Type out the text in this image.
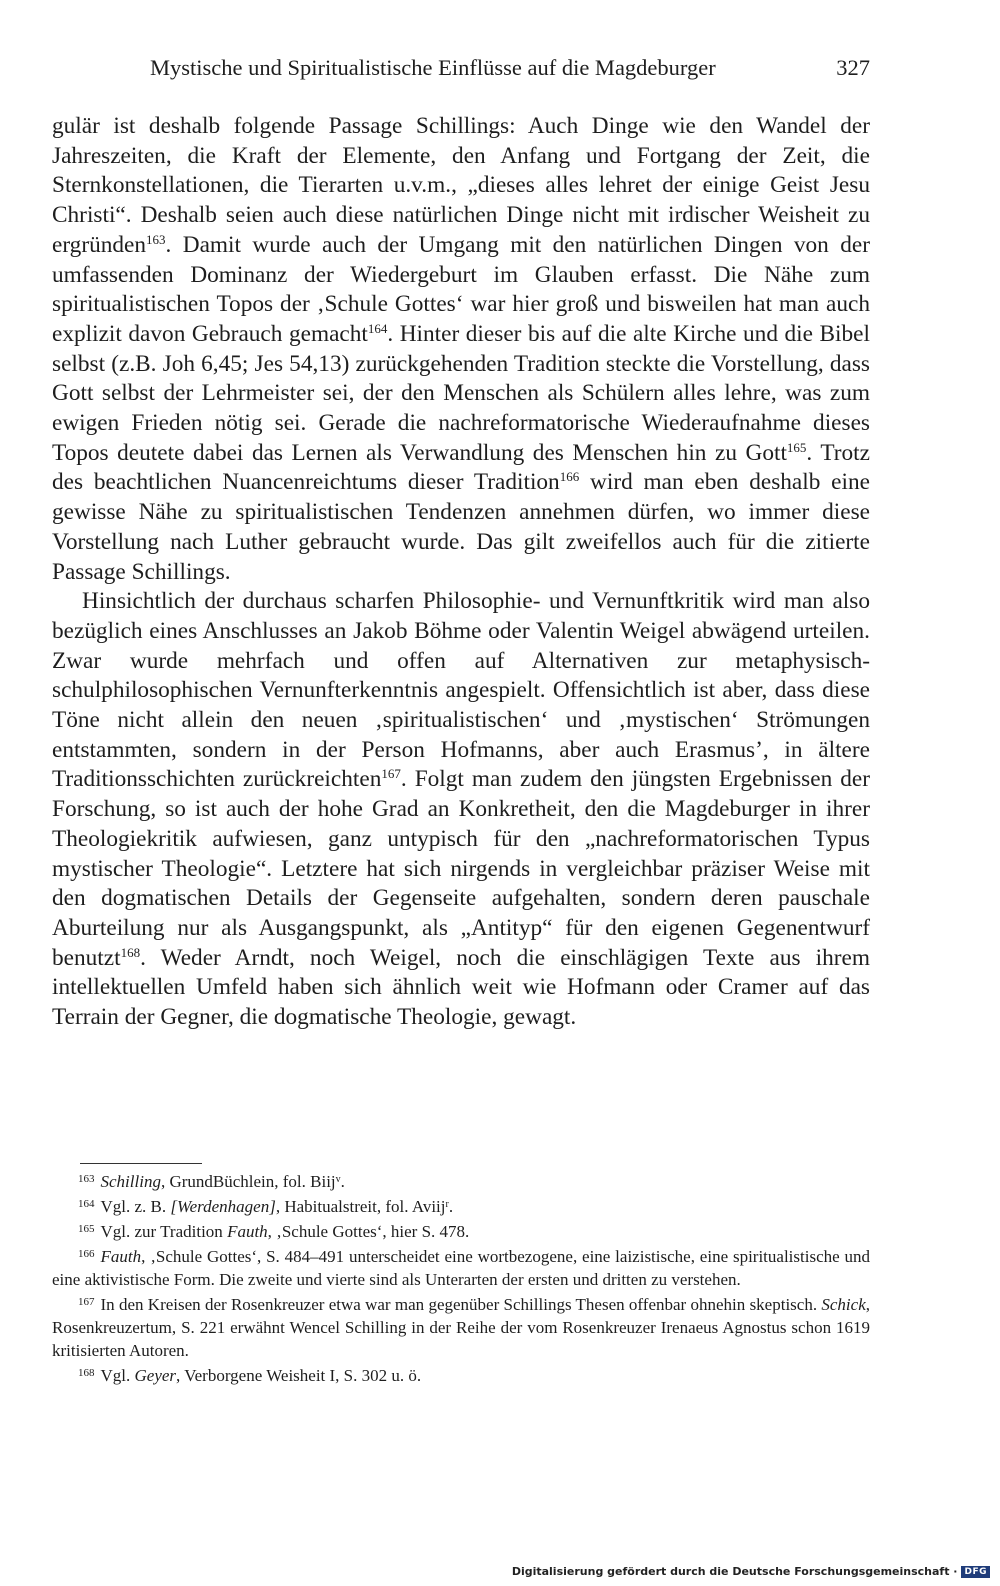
Mystische und Spiritualistische Einflüsse auf die Magdeburger	327

gulär ist deshalb folgende Passage Schillings: Auch Dinge wie den Wandel der Jahreszeiten, die Kraft der Elemente, den Anfang und Fortgang der Zeit, die Sternkonstellationen, die Tierarten u.v.m., „dieses alles lehret der einige Geist Jesu Christi“. Deshalb seien auch diese natürlichen Dinge nicht mit irdischer Weisheit zu ergründen$^{163}$. Damit wurde auch der Umgang mit den natürlichen Dingen von der umfassenden Dominanz der Wiedergeburt im Glauben erfasst. Die Nähe zum spiritualistischen Topos der ‚Schule Gottes‘ war hier groß und bisweilen hat man auch explizit davon Gebrauch gemacht$^{164}$. Hinter dieser bis auf die alte Kirche und die Bibel selbst (z.B. Joh 6,45; Jes 54,13) zurückgehenden Tradition steckte die Vorstellung, dass Gott selbst der Lehrmeister sei, der den Menschen als Schülern alles lehre, was zum ewigen Frieden nötig sei. Gerade die nachreformatorische Wiederaufnahme dieses Topos deutete dabei das Lernen als Verwandlung des Menschen hin zu Gott$^{165}$. Trotz des beachtlichen Nuancenreichtums dieser Tradition$^{166}$ wird man eben deshalb eine gewisse Nähe zu spiritualistischen Tendenzen annehmen dürfen, wo immer diese Vorstellung nach Luther gebraucht wurde. Das gilt zweifellos auch für die zitierte Passage Schillings.

Hinsichtlich der durchaus scharfen Philosophie- und Vernunftkritik wird man also bezüglich eines Anschlusses an Jakob Böhme oder Valentin Weigel abwägend urteilen. Zwar wurde mehrfach und offen auf Alternativen zur metaphysisch-schulphilosophischen Vernunfterkenntnis angespielt. Offensichtlich ist aber, dass diese Töne nicht allein den neuen ‚spiritualistischen‘ und ‚mystischen‘ Strömungen entstammten, sondern in der Person Hofmanns, aber auch Erasmus’, in ältere Traditionsschichten zurückreichten$^{167}$. Folgt man zudem den jüngsten Ergebnissen der Forschung, so ist auch der hohe Grad an Konkretheit, den die Magdeburger in ihrer Theologiekritik aufwiesen, ganz untypisch für den „nachreformatorischen Typus mystischer Theologie“. Letztere hat sich nirgends in vergleichbar präziser Weise mit den dogmatischen Details der Gegenseite aufgehalten, sondern deren pauschale Aburteilung nur als Ausgangspunkt, als „Antityp“ für den eigenen Gegenentwurf benutzt$^{168}$. Weder Arndt, noch Weigel, noch die einschlägigen Texte aus ihrem intellektuellen Umfeld haben sich ähnlich weit wie Hofmann oder Cramer auf das Terrain der Gegner, die dogmatische Theologie, gewagt.

$^{163}$ Schilling, GrundBüchlein, fol. Biij$^v$.

$^{164}$ Vgl. z. B. [Werdenhagen], Habitualstreit, fol. Aviij$^r$.

$^{165}$ Vgl. zur Tradition Fauth, ‚Schule Gottes‘, hier S. 478.

$^{166}$ Fauth, ‚Schule Gottes‘, S. 484–491 unterscheidet eine wortbezogene, eine laizistische, eine spiritualistische und eine aktivistische Form. Die zweite und vierte sind als Unterarten der ersten und dritten zu verstehen.

$^{167}$ In den Kreisen der Rosenkreuzer etwa war man gegenüber Schillings Thesen offenbar ohnehin skeptisch. Schick, Rosenkreuzertum, S. 221 erwähnt Wencel Schilling in der Reihe der vom Rosenkreuzer Irenaeus Agnostus schon 1619 kritisierten Autoren.

$^{168}$ Vgl. Geyer, Verborgene Weisheit I, S. 302 u. ö.

Digitalisierung gefördert durch die Deutsche Forschungsgemeinschaft · DFG
